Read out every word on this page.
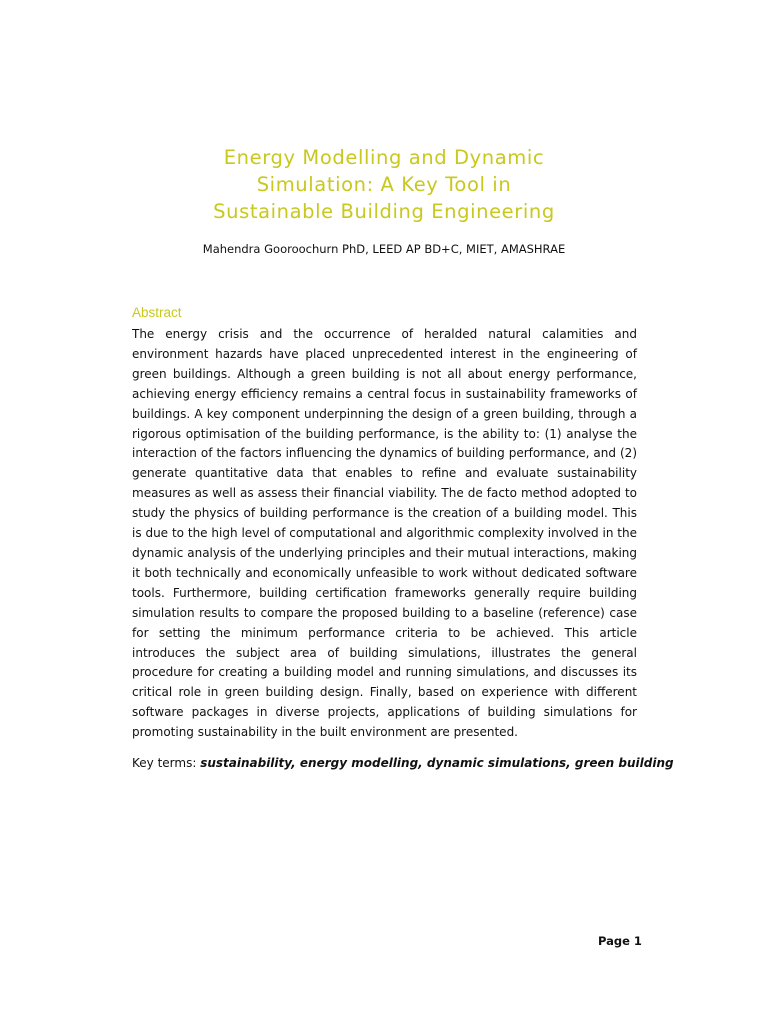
Energy Modelling and Dynamic
Simulation: A Key Tool in
Sustainable Building Engineering
Mahendra Gooroochurn PhD, LEED AP BD+C, MIET, AMASHRAE
Abstract

The energy crisis and the occurrence of heralded natural calamities and environment hazards have placed unprecedented interest in the engineering of green buildings. Although a green building is not all about energy performance, achieving energy efficiency remains a central focus in sustainability frameworks of buildings. A key component underpinning the design of a green building, through a rigorous optimisation of the building performance, is the ability to: (1) analyse the interaction of the factors influencing the dynamics of building performance, and (2) generate quantitative data that enables to refine and evaluate sustainability measures as well as assess their financial viability. The de facto method adopted to study the physics of building performance is the creation of a building model. This is due to the high level of computational and algorithmic complexity involved in the dynamic analysis of the underlying principles and their mutual interactions, making it both technically and economically unfeasible to work without dedicated software tools. Furthermore, building certification frameworks generally require building simulation results to compare the proposed building to a baseline (reference) case for setting the minimum performance criteria to be achieved. This article introduces the subject area of building simulations, illustrates the general procedure for creating a building model and running simulations, and discusses its critical role in green building design. Finally, based on experience with different software packages in diverse projects, applications of building simulations for promoting sustainability in the built environment are presented.

Key terms: sustainability, energy modelling, dynamic simulations, green building
Page 1
